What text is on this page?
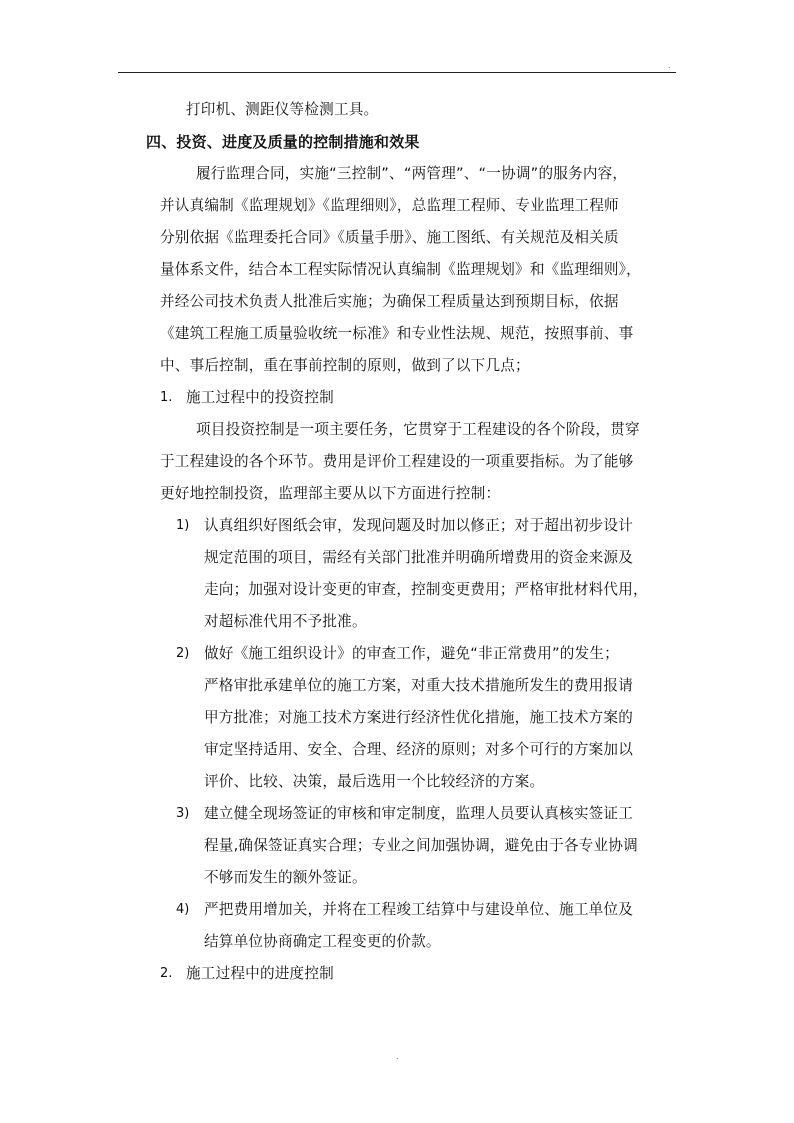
.
打印机、测距仪等检测工具。
四、投资、进度及质量的控制措施和效果
履行监理合同，实施“三控制”、“两管理”、“一协调”的服务内容，
并认真编制《监理规划》《监理细则》，总监理工程师、专业监理工程师
分别依据《监理委托合同》《质量手册》、施工图纸、有关规范及相关质
量体系文件，结合本工程实际情况认真编制《监理规划》和《监理细则》，
并经公司技术负责人批准后实施；为确保工程质量达到预期目标，依据
《建筑工程施工质量验收统一标准》和专业性法规、规范，按照事前、事
中、事后控制，重在事前控制的原则，做到了以下几点；
1. 施工过程中的投资控制
项目投资控制是一项主要任务，它贯穿于工程建设的各个阶段，贯穿
于工程建设的各个环节。费用是评价工程建设的一项重要指标。为了能够
更好地控制投资，监理部主要从以下方面进行控制：
1) 认真组织好图纸会审，发现问题及时加以修正；对于超出初步设计
规定范围的项目，需经有关部门批准并明确所增费用的资金来源及
走向；加强对设计变更的审查，控制变更费用；严格审批材料代用，
对超标准代用不予批准。
2) 做好《施工组织设计》的审查工作，避免“非正常费用”的发生；
严格审批承建单位的施工方案，对重大技术措施所发生的费用报请
甲方批准；对施工技术方案进行经济性优化措施，施工技术方案的
审定坚持适用、安全、合理、经济的原则；对多个可行的方案加以
评价、比较、决策，最后选用一个比较经济的方案。
3) 建立健全现场签证的审核和审定制度，监理人员要认真核实签证工
程量,确保签证真实合理；专业之间加强协调，避免由于各专业协调
不够而发生的额外签证。
4) 严把费用增加关，并将在工程竣工结算中与建设单位、施工单位及
结算单位协商确定工程变更的价款。
2. 施工过程中的进度控制
.
